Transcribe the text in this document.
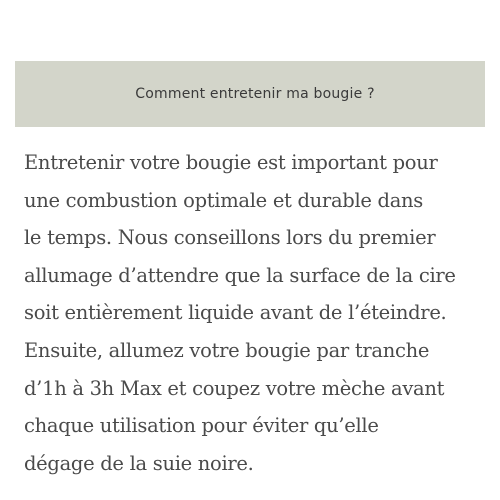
Comment entretenir ma bougie ?
Entretenir votre bougie est important pour
une combustion optimale et durable dans
le temps. Nous conseillons lors du premier
allumage d’attendre que la surface de la cire
soit entièrement liquide avant de l’éteindre.
Ensuite, allumez votre bougie par tranche
d’1h à 3h Max et coupez votre mèche avant
chaque utilisation pour éviter qu’elle
dégage de la suie noire.
